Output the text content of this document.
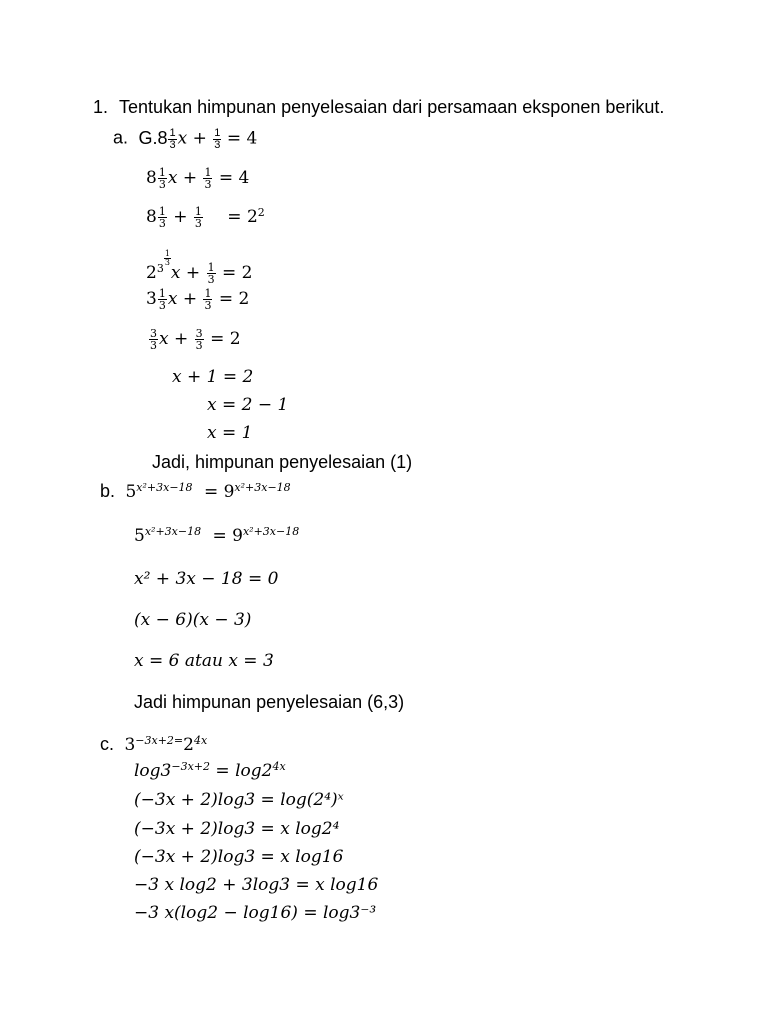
1. Tentukan himpunan penyelesaian dari persamaan eksponen berikut.
a. $G.8 \frac{1}{3}$ $x + \frac{1}{3} = 4$
$8 \frac{1}{3}$ $x + \frac{1}{3} = 4$
$8 \frac{1}{3} + \frac{1}{3} = 2^2$
$2^{3 \frac{1}{3}}$
$x + \frac{1}{3} = 2$
$3 \frac{1}{3}$ $x + \frac{1}{3} = 2$
$\frac{3}{3}$ $x + \frac{3}{3} = 2$
x + 1 = 2
x = 2 − 1
x = 1
Jadi, himpunan penyelesaian (1)
b. $5^{x^2+3x-18} = 9^{x^2+3x-18}$
$5^{x^2+3x-18} = 9^{x^2+3x-18}$
x² + 3x − 18 = 0
(x − 6)(x − 3)
x = 6 atau x = 3
Jadi himpunan penyelesaian (6,3)
c. $3^{-3x+2=}2^{4x}$
$\log 3^{-3x+2} = \log 2^{4x}$
(−3x + 2)log3 = log(2⁴)ˣ
(−3x + 2)log3 = x log2⁴
(−3x + 2)log3 = x log16
−3 x log2 + 3log3 = x log16
−3 x(log2 − log16) = log3⁻³
